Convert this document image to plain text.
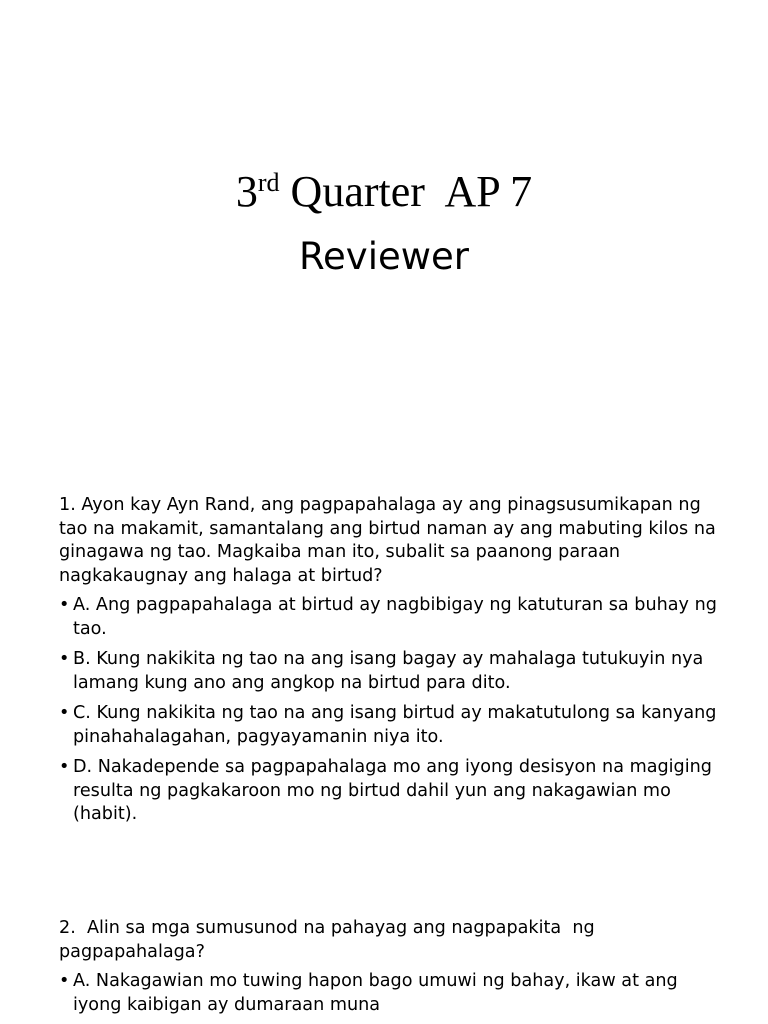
3rd Quarter  AP 7
Reviewer

1. Ayon kay Ayn Rand, ang pagpapahalaga ay ang pinagsusumikapan ng tao na makamit, samantalang ang birtud naman ay ang mabuting kilos na ginagawa ng tao. Magkaiba man ito, subalit sa paanong paraan nagkakaugnay ang halaga at birtud?

• A. Ang pagpapahalaga at birtud ay nagbibigay ng katuturan sa buhay ng tao.
• B. Kung nakikita ng tao na ang isang bagay ay mahalaga tutukuyin nya lamang kung ano ang angkop na birtud para dito.
• C. Kung nakikita ng tao na ang isang birtud ay makatutulong sa kanyang pinahahalagahan, pagyayamanin niya ito.
• D. Nakadepende sa pagpapahalaga mo ang iyong desisyon na magiging resulta ng pagkakaroon mo ng birtud dahil yun ang nakagawian mo (habit).

2.  Alin sa mga sumusunod na pahayag ang nagpapakita  ng pagpapahalaga?

• A. Nakagawian mo tuwing hapon bago umuwi ng bahay, ikaw at ang iyong kaibigan ay dumaraan muna
